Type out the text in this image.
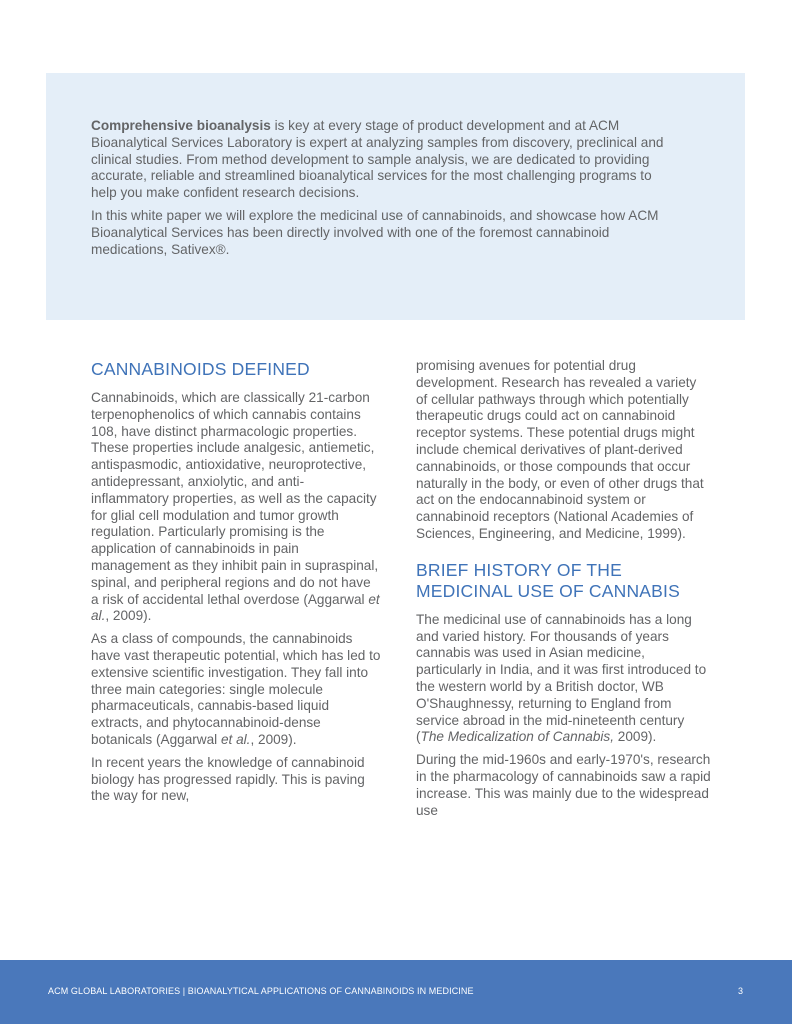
Comprehensive bioanalysis is key at every stage of product development and at ACM Bioanalytical Services Laboratory is expert at analyzing samples from discovery, preclinical and clinical studies. From method development to sample analysis, we are dedicated to providing accurate, reliable and streamlined bioanalytical services for the most challenging programs to help you make confident research decisions.

In this white paper we will explore the medicinal use of cannabinoids, and showcase how ACM Bioanalytical Services has been directly involved with one of the foremost cannabinoid medications, Sativex®.

CANNABINOIDS DEFINED

Cannabinoids, which are classically 21-carbon terpenophenolics of which cannabis contains 108, have distinct pharmacologic properties. These properties include analgesic, antiemetic, antispasmodic, antioxidative, neuroprotective, antidepressant, anxiolytic, and anti-inflammatory properties, as well as the capacity for glial cell modulation and tumor growth regulation. Particularly promising is the application of cannabinoids in pain management as they inhibit pain in supraspinal, spinal, and peripheral regions and do not have a risk of accidental lethal overdose (Aggarwal et al., 2009).

As a class of compounds, the cannabinoids have vast therapeutic potential, which has led to extensive scientific investigation. They fall into three main categories: single molecule pharmaceuticals, cannabis-based liquid extracts, and phytocannabinoid-dense botanicals (Aggarwal et al., 2009).

In recent years the knowledge of cannabinoid biology has progressed rapidly. This is paving the way for new,

promising avenues for potential drug development. Research has revealed a variety of cellular pathways through which potentially therapeutic drugs could act on cannabinoid receptor systems. These potential drugs might include chemical derivatives of plant-derived cannabinoids, or those compounds that occur naturally in the body, or even of other drugs that act on the endocannabinoid system or cannabinoid receptors (National Academies of Sciences, Engineering, and Medicine, 1999).

BRIEF HISTORY OF THE MEDICINAL USE OF CANNABIS

The medicinal use of cannabinoids has a long and varied history. For thousands of years cannabis was used in Asian medicine, particularly in India, and it was first introduced to the western world by a British doctor, WB O'Shaughnessy, returning to England from service abroad in the mid-nineteenth century (The Medicalization of Cannabis, 2009).

During the mid-1960s and early-1970's, research in the pharmacology of cannabinoids saw a rapid increase. This was mainly due to the widespread use

ACM GLOBAL LABORATORIES | BIOANALYTICAL APPLICATIONS OF CANNABINOIDS IN MEDICINE	3
